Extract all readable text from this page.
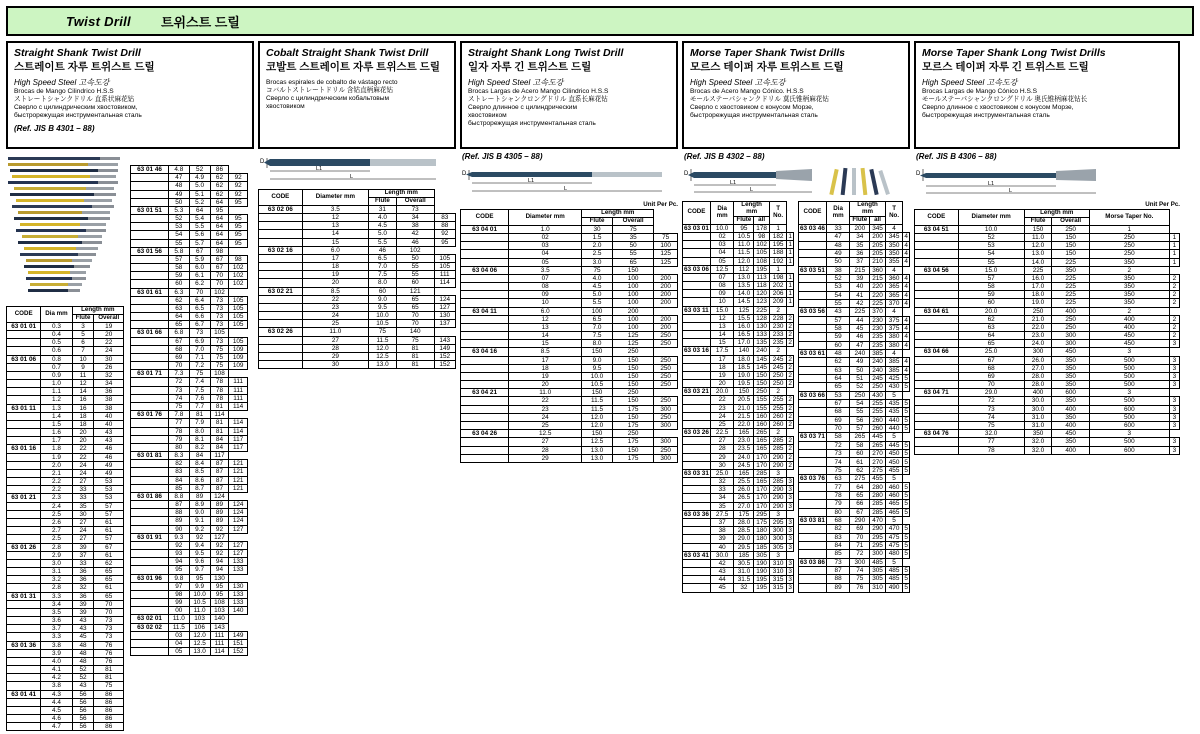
Twist Drill 트위스트 드릴
Straight Shank Twist Drill
스트레이트 자루 트위스트 드릴
High Speed Steel 고속도강
Brocas de Mango Cilindrico H.S.S
ストレートシャンクドリル 直系状麻花钻
Сверло с цилиндрическим хвостовиком,
быстрорежущая инструментальная сталь
(Ref. JIS B 4301 – 88)
CODE	Dia mm	Length mm	
		Flute	Overall
63 01 01	0.3	3	19
	0.4	5	20
	0.5	6	22
	0.6	7	24
63 01 06	0.8	10	30
	0.7	9	26
	0.9	11	32
	1.0	12	34
	1.1	14	36
	1.2	16	38
63 01 11	1.3	16	38
	1.4	18	40
	1.5	18	40
	1.6	20	43
	1.7	20	43
63 01 16	1.8	22	46
	1.9	22	46
	2.0	24	49
	2.1	24	49
	2.2	27	53
	2.2	33	53
63 01 21	2.3	33	53
	2.4	35	57
	2.5	30	57
	2.6	27	61
	2.7	24	61
	2.5	27	57
63 01 26	2.8	39	67
	2.9	37	61
	3.0	33	62
	3.1	36	65
	3.2	36	65
	2.8	32	61
63 01 31	3.3	36	65
	3.4	39	70
	3.5	39	70
	3.6	43	73
	3.7	43	73
	3.3	45	73
63 01 36	3.8	48	76
	3.9	48	76
	4.0	48	76
	4.1	52	81
	4.2	52	81
	3.8	43	75
63 01 41	4.3	56	86
	4.4	56	86
	4.5	56	86
	4.6	56	86
	4.7	56	86
63 01 46	4.8	52	86	
	47	4.9	62	92
	48	5.0	62	92
	49	5.1	62	92
	50	5.2	64	95
63 01 51	5.3	64	95	
	52	5.4	64	95
	53	5.5	64	95
	54	5.6	64	95
	55	5.7	64	95
63 01 56	5.8	67	98	
	57	5.9	67	98
	58	6.0	67	102
	59	6.1	70	102
	60	6.2	70	102
63 01 61	6.3	70	102	
	62	6.4	73	105
	63	6.5	73	105
	64	6.6	73	105
	65	6.7	73	105
63 01 66	6.8	73	105	
	67	6.9	73	105
	68	7.0	75	109
	69	7.1	75	109
	70	7.2	75	109
63 01 71	7.3	75	108	
	72	7.4	78	111
	73	7.5	78	111
	74	7.6	78	111
	75	7.7	81	114
63 01 76	7.8	81	114	
	77	7.9	81	114
	78	8.0	81	114
	79	8.1	84	117
	80	8.2	84	117
63 01 81	8.3	84	117	
	82	8.4	87	121
	83	8.5	87	121
	84	8.6	87	121
	85	8.7	87	121
63 01 86	8.8	89	124	
	87	8.9	89	124
	88	9.0	89	124
	89	9.1	89	124
	90	9.2	92	127
63 01 91	9.3	92	127	
	92	9.4	92	127
	93	9.5	92	127
	94	9.6	94	133
	95	9.7	94	133
63 01 96	9.8	95	130	
	97	9.9	95	130
	98	10.0	95	133
	99	10.5	108	133
	00	11.0	103	140
63 02 01	11.0	103	140	
63 02 02	11.5	106	143	
	03	12.0	111	149
	04	12.5	111	151
	05	13.0	114	152
Cobalt Straight Shank Twist Drill
코발트 스트레이트 자루 트위스트 드릴
Brocas espirales de cobalto de vástago recto
コバルトストレートドリル 含钴直柄麻花钻
Сверло с цилиндрическим кобальтовым
хвостовиком
D
L1
L
CODE	Diameter mm	Length mm		
		Flute	Overall	
63 02 06	3.5	31	73	
	12	4.0	34	83
	13	4.5	38	88
	14	5.0	42	92
	15	5.5	46	95
63 02 16	6.0	46	102	
	17	6.5	50	105
	18	7.0	55	105
	19	7.5	55	111
	20	8.0	60	114
63 02 21	8.5	60	121	
	22	9.0	65	124
	23	9.5	65	127
	24	10.0	70	130
	25	10.5	70	137
63 02 26	11.0	75	140	
	27	11.5	75	143
	28	12.0	81	149
	29	12.5	81	152
	30	13.0	81	152
Straight Shank Long Twist Drill
일자 자루 긴 트위스트 드릴
High Speed Steel 고속도강
Brocas Largas de Acero Mango Cilindrico H.S.S
ストレートシャンクロングドリル 直系长麻花钻
Сверло длинное с цилиндрическим
хвостовиком
быстрорежущая инструментальная сталь
(Ref. JIS B 4305 – 88)
D
L1
L
Unit Per Pc.
CODE	Diameter mm	Length mm		
		Flute	Overall	
63 04 01	1.0	30	75	
	02	1.5	35	75
	03	2.0	50	100
	04	2.5	55	125
	05	3.0	65	125
63 04 06	3.5	75	150	
	07	4.0	100	200
	08	4.5	100	200
	09	5.0	100	200
	10	5.5	100	200
63 04 11	6.0	100	200	
	12	6.5	100	200
	13	7.0	100	200
	14	7.5	125	250
	15	8.0	125	250
63 04 16	8.5	150	250	
	17	9.0	150	250
	18	9.5	150	250
	19	10.0	150	250
	20	10.5	150	250
63 04 21	11.0	150	250	
	22	11.5	150	250
	23	11.5	175	300
	24	12.0	150	250
	25	12.0	175	300
63 04 26	12.5	150	250	
	27	12.5	175	300
	28	13.0	150	250
	29	13.0	175	300
Morse Taper Shank Twist Drills
모르스 테이퍼 자루 트위스트 드릴
High Speed Steel 고속도강
Brocas de Acero Mango Cónico. H.S.S
モールステーパシャンクドリル 莫氏锥柄麻花钻
Сверло с хвостовиком с конусом Морзе,
быстрорежущая инструментальная сталь
(Ref. JIS B 4302 – 88)
D
L1
L
CODE	Dia mm	Length mm		T No.	
		Flute	all		
63 03 01	10.0	95	178	1	
	02	10.5	98	182	1
	03	11.0	102	195	1
	04	11.5	105	188	1
	05	12.0	108	192	1
63 03 06	12.5	112	195	1	
	07	13.0	113	198	1
	08	13.5	118	202	1
	09	14.0	120	206	1
	10	14.5	123	209	1
63 03 11	15.0	125	225	2	
	12	15.5	128	228	2
	13	16.0	130	230	2
	14	16.5	133	233	2
	15	17.0	135	235	2
63 03 16	17.5	140	240	2	
	17	18.0	145	245	2
	18	18.5	145	245	2
	19	19.0	150	250	2
	20	19.5	150	250	2
63 03 21	20.0	150	250	2	
	22	20.5	155	255	2
	23	21.0	155	255	2
	24	21.5	160	260	2
	25	22.0	160	260	2
63 03 26	22.5	165	265	2	
	27	23.0	165	285	2
	28	23.5	165	285	2
	29	24.0	170	290	2
	30	24.5	170	290	2
63 03 31	25.0	165	285	3	
	32	25.5	165	285	3
	33	26.0	170	290	3
	34	26.5	170	290	3
	35	27.0	170	290	3
63 03 36	27.5	175	295	3	
	37	28.0	175	295	3
	38	28.5	180	300	3
	39	29.0	180	300	3
	40	29.5	185	305	3
63 03 41	30.0	185	305	3	
	42	30.5	190	310	3
	43	31.0	190	310	3
	44	31.5	195	315	3
	45	32	195	315	3
CODE	Dia mm	Length mm		T No.	
		Flute	all		
63 03 46	33	200	345	4	
	47	34	200	345	4
	48	35	205	350	4
	49	36	205	350	4
	50	37	210	355	4
63 03 51	38	215	360	4	
	52	39	215	360	4
	53	40	220	365	4
	54	41	220	365	4
	55	42	225	370	4
63 03 56	43	225	370	4	
	57	44	230	375	4
	58	45	230	375	4
	59	46	235	380	4
	60	47	235	380	4
63 03 61	48	240	385	4	
	62	49	240	385	4
	63	50	240	385	4
	64	51	245	425	5
	65	52	250	430	5
63 03 66	53	250	430	5	
	67	54	255	435	5
	68	55	255	435	5
	69	56	260	440	5
	70	57	260	440	5
63 03 71	58	265	445	5	
	72	58	265	445	5
	73	60	270	450	5
	74	61	270	450	5
	75	62	275	455	5
63 03 76	63	275	455	5	
	77	64	280	460	5
	78	65	280	460	5
	79	66	285	465	5
	80	67	285	465	5
63 03 81	68	290	470	5	
	82	69	290	470	5
	83	70	295	475	5
	84	71	295	475	5
	85	72	300	480	5
63 03 86	73	300	485	5	
	87	74	305	485	5
	88	75	305	485	5
	89	76	310	490	5
Morse Taper Shank Long Twist Drills
모르스 테이퍼 자루 긴 트위스트 드릴
High Speed Steel 고속도강
Brocas Largas de Mango Cónico H.S.S
モールステーパシャンクロングドリル 奥氏锥柄麻花钻长
Сверло длинное с хвостовиком с конусом Морзе,
быстрорежущая инструментальная сталь
(Ref. JIS B 4306 – 88)
D
L1
L
Unit Per Pc.
CODE	Diameter mm	Length mm		Morse Taper No.	
		Flute	Overall		
63 04 51	10.0	150	250	1	
	52	11.0	150	250	1
	53	12.0	150	250	1
	54	13.0	150	250	1
	55	14.0	225	350	1
63 04 56	15.0	225	350	2	
	57	16.0	225	350	2
	58	17.0	225	350	2
	59	18.0	225	350	2
	60	19.0	225	350	2
63 04 61	20.0	250	400	2	
	62	21.0	250	400	2
	63	22.0	250	400	2
	64	23.0	300	450	2
	65	24.0	300	450	3
63 04 66	25.0	300	450	3	
	67	26.0	350	500	3
	68	27.0	350	500	3
	69	28.0	350	500	3
	70	28.0	350	500	3
63 04 71	29.0	400	600	3	
	72	30.0	350	500	3
	73	30.0	400	600	3
	74	31.0	350	500	3
	75	31.0	400	600	3
63 04 76	32.0	350	450	3	
	77	32.0	350	500	3
	78	32.0	400	600	3
